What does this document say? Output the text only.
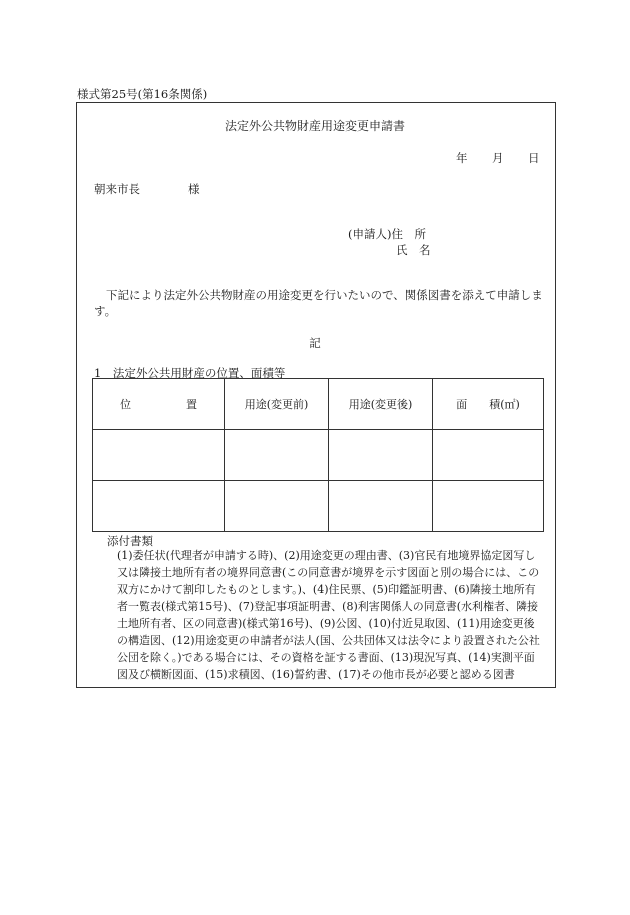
様式第25号(第16条関係)
法定外公共物財産用途変更申請書
年 月 日
朝来市長	様
(申請人)住　所
氏　名
下記により法定外公共物財産の用途変更を行いたいので、関係図書を添えて申請します。
記
1　法定外公共用財産の位置、面積等
位　　　　　置	用途(変更前)	用途(変更後)	面　　積(㎡)

添付書類
(1)委任状(代理者が申請する時)、(2)用途変更の理由書、(3)官民有地境界協定図写し又は隣接土地所有者の境界同意書(この同意書が境界を示す図面と別の場合には、この双方にかけて割印したものとします。)、(4)住民票、(5)印鑑証明書、(6)隣接土地所有者一覧表(様式第15号)、(7)登記事項証明書、(8)利害関係人の同意書(水利権者、隣接土地所有者、区の同意書)(様式第16号)、(9)公図、(10)付近見取図、(11)用途変更後の構造図、(12)用途変更の申請者が法人(国、公共団体又は法令により設置された公社公団を除く。)である場合には、その資格を証する書面、(13)現況写真、(14)実測平面図及び横断図面、(15)求積図、(16)誓約書、(17)その他市長が必要と認める図書
